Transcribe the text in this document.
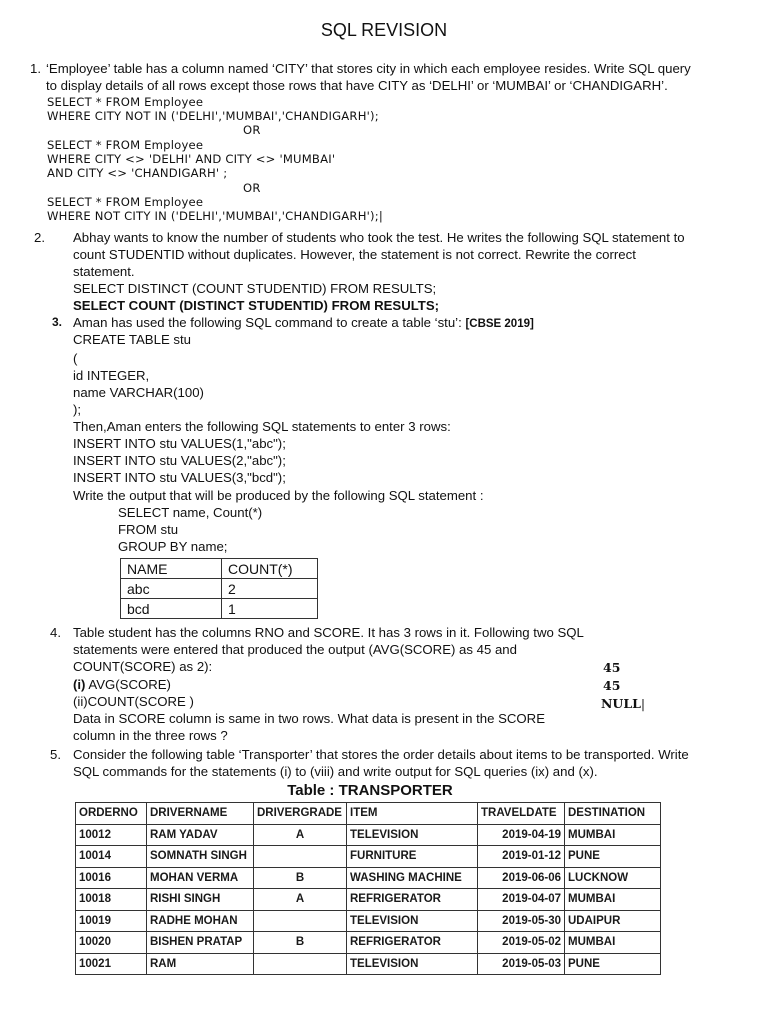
SQL REVISION
1. ‘Employee’ table has a column named ‘CITY’ that stores city in which each employee resides. Write SQL query
to display details of all rows except those rows that have CITY as ‘DELHI’ or ‘MUMBAI’ or ‘CHANDIGARH’.
SELECT * FROM Employee
WHERE CITY NOT IN ('DELHI','MUMBAI','CHANDIGARH');
OR
SELECT * FROM Employee
WHERE CITY <> 'DELHI' AND CITY <> 'MUMBAI'
AND CITY <> 'CHANDIGARH' ;
OR
SELECT * FROM Employee
WHERE NOT CITY IN ('DELHI','MUMBAI','CHANDIGARH'); |
2. Abhay wants to know the number of students who took the test. He writes the following SQL statement to
count STUDENTID without duplicates. However, the statement is not correct. Rewrite the correct
statement.
SELECT DISTINCT (COUNT STUDENTID) FROM RESULTS;
SELECT COUNT (DISTINCT STUDENTID) FROM RESULTS;
3. Aman has used the following SQL command to create a table ‘stu’: [CBSE 2019]
CREATE TABLE stu
(
id INTEGER,
name VARCHAR(100)
);
Then,Aman enters the following SQL statements to enter 3 rows:
INSERT INTO stu VALUES(1,"abc");
INSERT INTO stu VALUES(2,"abc");
INSERT INTO stu VALUES(3,"bcd");
Write the output that will be produced by the following SQL statement :
SELECT name, Count(*)
FROM stu
GROUP BY name;
NAME	COUNT(*)
abc	2
bcd	1
4. Table student has the columns RNO and SCORE. It has 3 rows in it. Following two SQL
statements were entered that produced the output (AVG(SCORE) as 45 and
COUNT(SCORE) as 2):
(i) AVG(SCORE)
(ii)COUNT(SCORE )
Data in SCORE column is same in two rows. What data is present in the SCORE
column in the three rows ?
45
45
NULL |
5. Consider the following table ‘Transporter’ that stores the order details about items to be transported. Write
SQL commands for the statements (i) to (viii) and write output for SQL queries (ix) and (x).
Table : TRANSPORTER
ORDERNO	DRIVERNAME	DRIVERGRADE	ITEM	TRAVELDATE	DESTINATION
10012	RAM YADAV	A	TELEVISION	2019-04-19	MUMBAI
10014	SOMNATH SINGH		FURNITURE	2019-01-12	PUNE
10016	MOHAN VERMA	B	WASHING MACHINE	2019-06-06	LUCKNOW
10018	RISHI SINGH	A	REFRIGERATOR	2019-04-07	MUMBAI
10019	RADHE MOHAN		TELEVISION	2019-05-30	UDAIPUR
10020	BISHEN PRATAP	B	REFRIGERATOR	2019-05-02	MUMBAI
10021	RAM		TELEVISION	2019-05-03	PUNE
